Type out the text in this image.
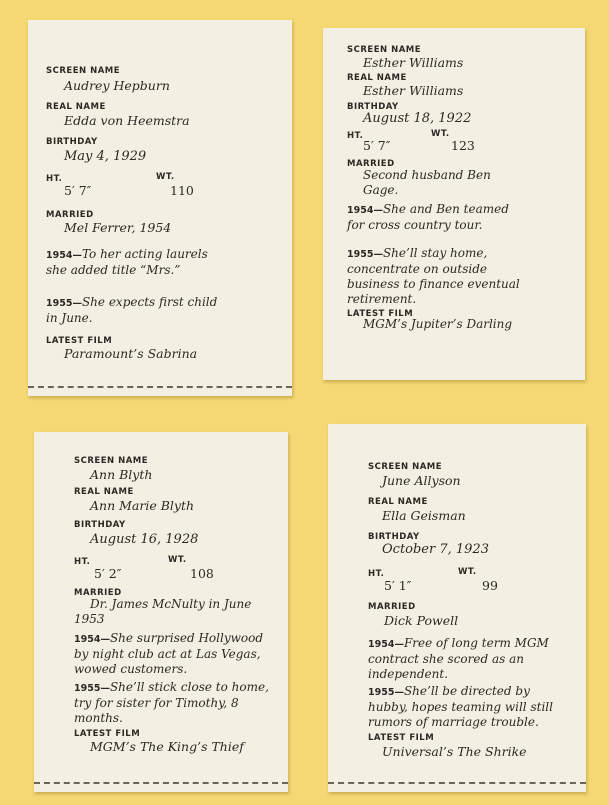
SCREEN NAME
Audrey Hepburn
REAL NAME
Edda von Heemstra
BIRTHDAY
May 4, 1929
HT.	WT.
5′ 7″	110
MARRIED
Mel Ferrer, 1954
1954—To her acting laurels she added title “Mrs.”
1955—She expects first child in June.
LATEST FILM
Paramount’s Sabrina
SCREEN NAME
Esther Williams
REAL NAME
Esther Williams
BIRTHDAY
August 18, 1922
HT.	WT.
5′ 7″	123
MARRIED
Second husband Ben Gage.
1954—She and Ben teamed for cross country tour.
1955—She’ll stay home, concentrate on outside business to finance eventual retirement.
LATEST FILM
MGM’s Jupiter’s Darling
SCREEN NAME
Ann Blyth
REAL NAME
Ann Marie Blyth
BIRTHDAY
August 16, 1928
HT.	WT.
5′ 2″	108
MARRIED
Dr. James McNulty in June 1953
1954—She surprised Hollywood by night club act at Las Vegas, wowed customers.
1955—She’ll stick close to home, try for sister for Timothy, 8 months.
LATEST FILM
MGM’s The King’s Thief
SCREEN NAME
June Allyson
REAL NAME
Ella Geisman
BIRTHDAY
October 7, 1923
HT.	WT.
5′ 1″	99
MARRIED
Dick Powell
1954—Free of long term MGM contract she scored as an independent.
1955—She’ll be directed by hubby, hopes teaming will still rumors of marriage trouble.
LATEST FILM
Universal’s The Shrike
